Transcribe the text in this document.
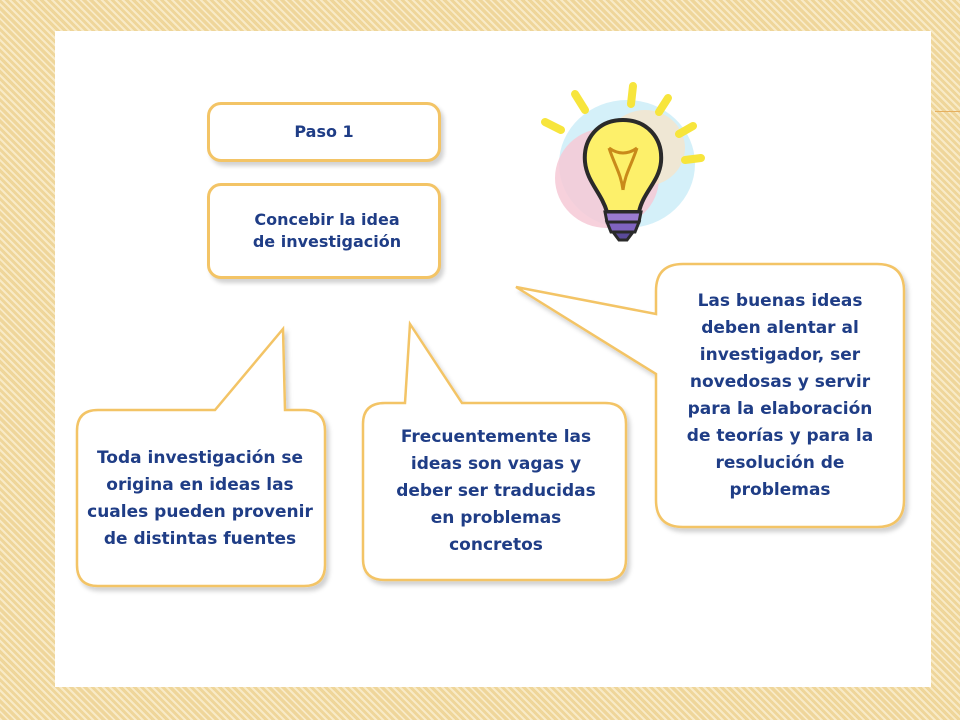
Paso 1
Concebir la idea de investigación
Toda investigación se origina en ideas las cuales pueden provenir de distintas fuentes
Frecuentemente las ideas son vagas y deber ser traducidas en problemas concretos
Las buenas ideas deben alentar al investigador, ser novedosas y servir para la elaboración de teorías y para la resolución de problemas
